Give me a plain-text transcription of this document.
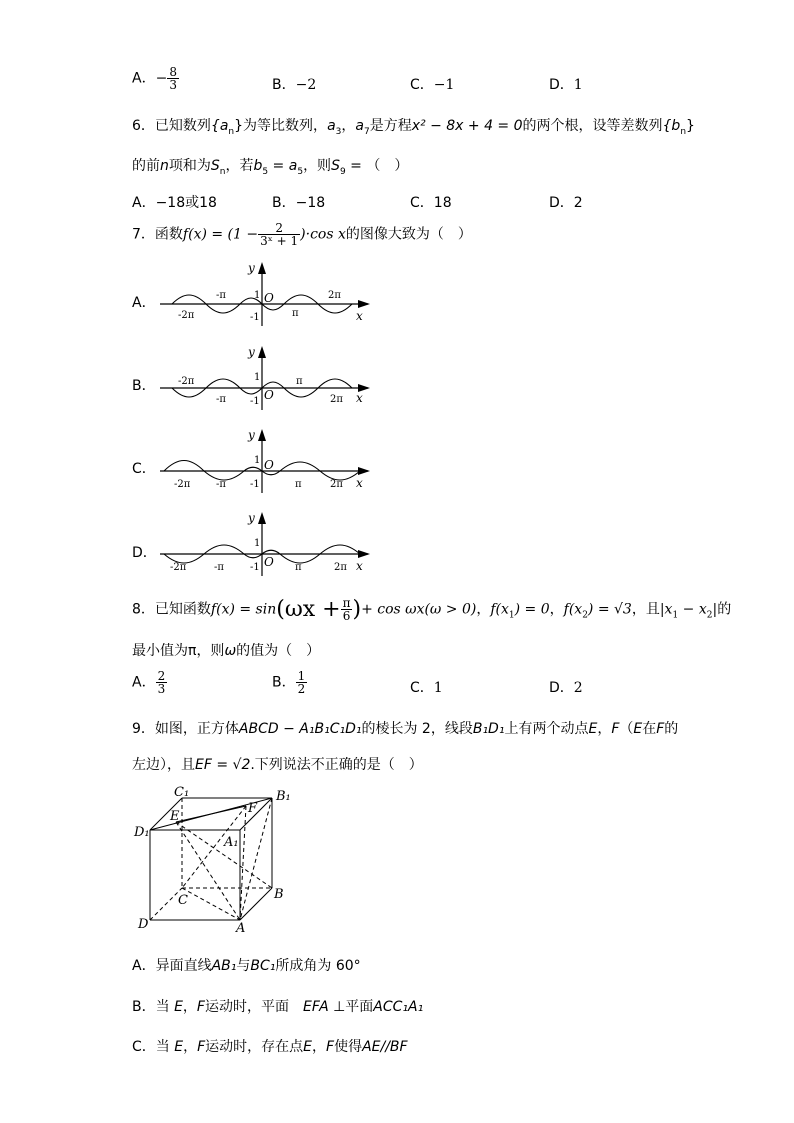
A．− $\frac{8}{3}$	B．−2	C．−1	D．1
6．已知数列$\{a_n\}$为等比数列，$a_3$，$a_7$是方程x² − 8x + 4 = 0的两个根，设等差数列$\{b_n\}$
的前n项和为$S_n$，若$b_5 = a_5$，则$S_9$ = （　）
A．−18或18	B．−18	C．18	D．2
7．函数$f(x) = (1 - \frac{2}{\text{3ˣ + 1}} )\cdot\cos$ x的图像大致为（　）
A．
-1
1 O
y
x
-π	2π
-2π	π
B．
-1
1
O
y
x
-2π	π
-π	2π
C．
-1
1 O
y
x
-2π	-π	π	2π
D．
-1
1
O
y
x
-2π	-π	π	2π
8．已知函数$f(x) = \sin(\omega x + \frac{\pi}{6}$ )+ cos ωx(ω > 0)，$f(x_1) = 0$，$f(x_2) = √3$，且$|x_1 - x_2|$的
最小值为π，则ω的值为（　）
A． $\frac{2}{3}$	B． $\frac{1}{2}$	C．1	D．2
9．如图，正方体ABCD − A₁B₁C₁D₁的棱长为 2，线段B₁D₁上有两个动点E，F（E在F的
左边），且EF = √2.下列说法不正确的是（　）
C₁	B₁
D₁
E
F
A₁
B
C
D	A
A．异面直线AB₁与BC₁所成角为 60°
B．当 E，F运动时，平面　EFA ⊥平面ACC₁A₁
C．当 E，F运动时，存在点E，F使得AE//BF
